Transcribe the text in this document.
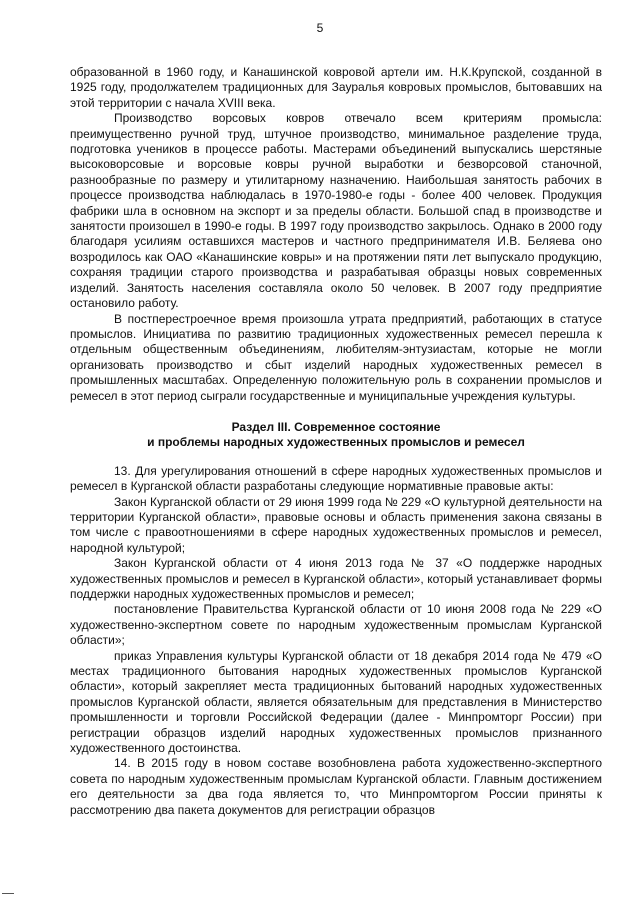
5

образованной в 1960 году, и Канашинской ковровой артели им. Н.К.Крупской, созданной в 1925 году, продолжателем традиционных для Зауралья ковровых промыслов, бытовавших на этой территории с начала XVIII века.

Производство ворсовых ковров отвечало всем критериям промысла: преимущественно ручной труд, штучное производство, минимальное разделение труда, подготовка учеников в процессе работы. Мастерами объединений выпускались шерстяные высоковорсовые и ворсовые ковры ручной выработки и безворсовой станочной, разнообразные по размеру и утилитарному назначению. Наибольшая занятость рабочих в процессе производства наблюдалась в 1970-1980-е годы - более 400 человек. Продукция фабрики шла в основном на экспорт и за пределы области. Большой спад в производстве и занятости произошел в 1990-е годы. В 1997 году производство закрылось. Однако в 2000 году благодаря усилиям оставшихся мастеров и частного предпринимателя И.В. Беляева оно возродилось как ОАО «Канашинские ковры» и на протяжении пяти лет выпускало продукцию, сохраняя традиции старого производства и разрабатывая образцы новых современных изделий. Занятость населения составляла около 50 человек. В 2007 году предприятие остановило работу.

В постперестроечное время произошла утрата предприятий, работающих в статусе промыслов. Инициатива по развитию традиционных художественных ремесел перешла к отдельным общественным объединениям, любителям-энтузиастам, которые не могли организовать производство и сбыт изделий народных художественных ремесел в промышленных масштабах. Определенную положительную роль в сохранении промыслов и ремесел в этот период сыграли государственные и муниципальные учреждения культуры.

Раздел III. Современное состояние
и проблемы народных художественных промыслов и ремесел

13. Для урегулирования отношений в сфере народных художественных промыслов и ремесел в Курганской области разработаны следующие нормативные правовые акты:

Закон Курганской области от 29 июня 1999 года № 229 «О культурной деятельности на территории Курганской области», правовые основы и область применения закона связаны в том числе с правоотношениями в сфере народных художественных промыслов и ремесел, народной культурой;

Закон Курганской области от 4 июня 2013 года № 37 «О поддержке народных художественных промыслов и ремесел в Курганской области», который устанавливает формы поддержки народных художественных промыслов и ремесел;

постановление Правительства Курганской области от 10 июня 2008 года № 229 «О художественно-экспертном совете по народным художественным промыслам Курганской области»;

приказ Управления культуры Курганской области от 18 декабря 2014 года № 479 «О местах традиционного бытования народных художественных промыслов Курганской области», который закрепляет места традиционных бытований народных художественных промыслов Курганской области, является обязательным для представления в Министерство промышленности и торговли Российской Федерации (далее - Минпромторг России) при регистрации образцов изделий народных художественных промыслов признанного художественного достоинства.

14. В 2015 году в новом составе возобновлена работа художественно-экспертного совета по народным художественным промыслам Курганской области. Главным достижением его деятельности за два года является то, что Минпромторгом России приняты к рассмотрению два пакета документов для регистрации образцов
